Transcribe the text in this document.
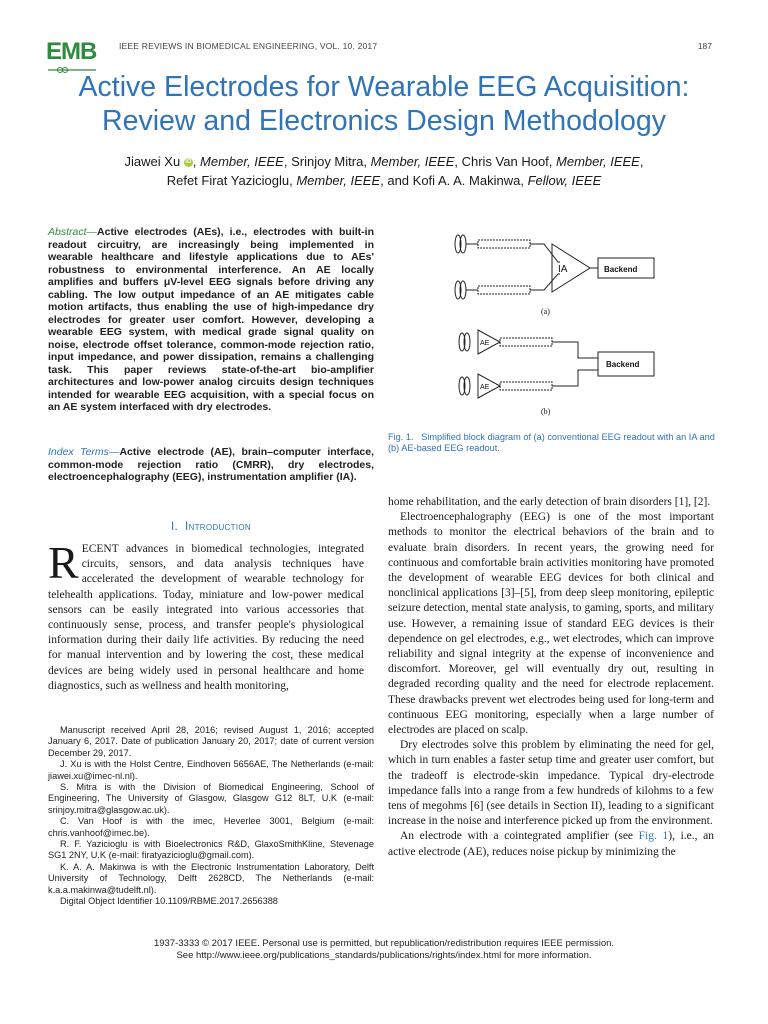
EMB	IEEE REVIEWS IN BIOMEDICAL ENGINEERING, VOL. 10, 2017	187
Active Electrodes for Wearable EEG Acquisition:
Review and Electronics Design Methodology
Jiawei Xu iD , Member, IEEE, Srinjoy Mitra, Member, IEEE, Chris Van Hoof, Member, IEEE,
Refet Firat Yazicioglu, Member, IEEE, and Kofi A. A. Makinwa, Fellow, IEEE
Abstract—Active electrodes (AEs), i.e., electrodes with built-in readout circuitry, are increasingly being implemented in wearable healthcare and lifestyle applications due to AEs' robustness to environmental interference. An AE locally amplifies and buffers μV-level EEG signals before driving any cabling. The low output impedance of an AE mitigates cable motion artifacts, thus enabling the use of high-impedance dry electrodes for greater user comfort. However, developing a wearable EEG system, with medical grade signal quality on noise, electrode offset tolerance, common-mode rejection ratio, input impedance, and power dissipation, remains a challenging task. This paper reviews state-of-the-art bio-amplifier architectures and low-power analog circuits design techniques intended for wearable EEG acquisition, with a special focus on an AE system interfaced with dry electrodes.
Index Terms—Active electrode (AE), brain–computer interface, common-mode rejection ratio (CMRR), dry electrodes, electroencephalography (EEG), instrumentation amplifier (IA).
I. Introduction
RECENT advances in biomedical technologies, integrated circuits, sensors, and data analysis techniques have accelerated the development of wearable technology for telehealth applications. Today, miniature and low-power medical sensors can be easily integrated into various accessories that continuously sense, process, and transfer people's physiological information during their daily life activities. By reducing the need for manual intervention and by lowering the cost, these medical devices are being widely used in personal healthcare and home diagnostics, such as wellness and health monitoring,

Manuscript received April 28, 2016; revised August 1, 2016; accepted January 6, 2017. Date of publication January 20, 2017; date of current version December 29, 2017.

J. Xu is with the Holst Centre, Eindhoven 5656AE, The Netherlands (e-mail: jiawei.xu@imec-nl.nl).

S. Mitra is with the Division of Biomedical Engineering, School of Engineering, The University of Glasgow, Glasgow G12 8LT, U.K (e-mail: srinjoy.mitra@glasgow.ac.uk).

C. Van Hoof is with the imec, Heverlee 3001, Belgium (e-mail: chris.vanhoof@imec.be).

R. F. Yazicioglu is with Bioelectronics R&D, GlaxoSmithKline, Stevenage SG1 2NY, U.K (e-mail: firatyazicioglu@gmail.com).

K. A. A. Makinwa is with the Electronic Instrumentation Laboratory, Delft University of Technology, Delft 2628CD, The Netherlands (e-mail: k.a.a.makinwa@tudelft.nl).

Digital Object Identifier 10.1109/RBME.2017.2656388

IA	Backend
AE
AE
Backend
(a)
(b)
Fig. 1. Simplified block diagram of (a) conventional EEG readout with an IA and (b) AE-based EEG readout.

home rehabilitation, and the early detection of brain disorders [1], [2].

Electroencephalography (EEG) is one of the most important methods to monitor the electrical behaviors of the brain and to evaluate brain disorders. In recent years, the growing need for continuous and comfortable brain activities monitoring have promoted the development of wearable EEG devices for both clinical and nonclinical applications [3]–[5], from deep sleep monitoring, epileptic seizure detection, mental state analysis, to gaming, sports, and military use. However, a remaining issue of standard EEG devices is their dependence on gel electrodes, e.g., wet electrodes, which can improve reliability and signal integrity at the expense of inconvenience and discomfort. Moreover, gel will eventually dry out, resulting in degraded recording quality and the need for electrode replacement. These drawbacks prevent wet electrodes being used for long-term and continuous EEG monitoring, especially when a large number of electrodes are placed on scalp.

Dry electrodes solve this problem by eliminating the need for gel, which in turn enables a faster setup time and greater user comfort, but the tradeoff is electrode-skin impedance. Typical dry-electrode impedance falls into a range from a few hundreds of kilohms to a few tens of megohms [6] (see details in Section II), leading to a significant increase in the noise and interference picked up from the environment.

An electrode with a cointegrated amplifier (see Fig. 1), i.e., an active electrode (AE), reduces noise pickup by minimizing the

1937-3333 © 2017 IEEE. Personal use is permitted, but republication/redistribution requires IEEE permission.
See http://www.ieee.org/publications_standards/publications/rights/index.html for more information.
